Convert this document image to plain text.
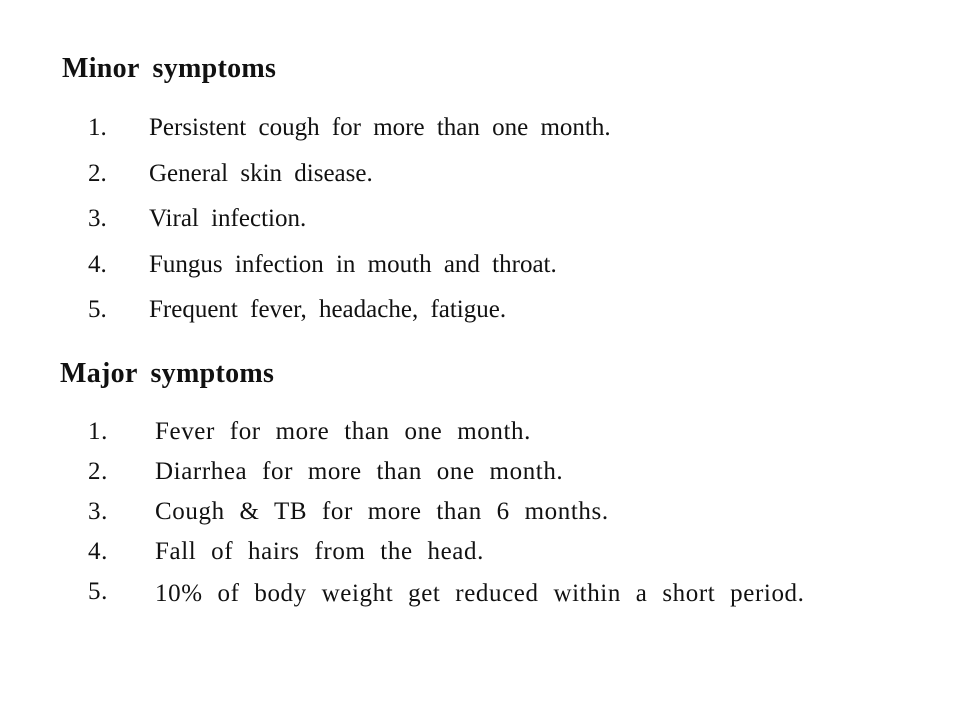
Minor symptoms
1.	Persistent cough for more than one month.
2.	General skin disease.
3.	Viral infection.
4.	Fungus infection in mouth and throat.
5.	Frequent fever, headache, fatigue.
Major symptoms
1.	Fever for more than one month.
2.	Diarrhea for more than one month.
3.	Cough & TB for more than 6 months.
4.	Fall of hairs from the head.
5.	10% of body weight get reduced within a short period.
